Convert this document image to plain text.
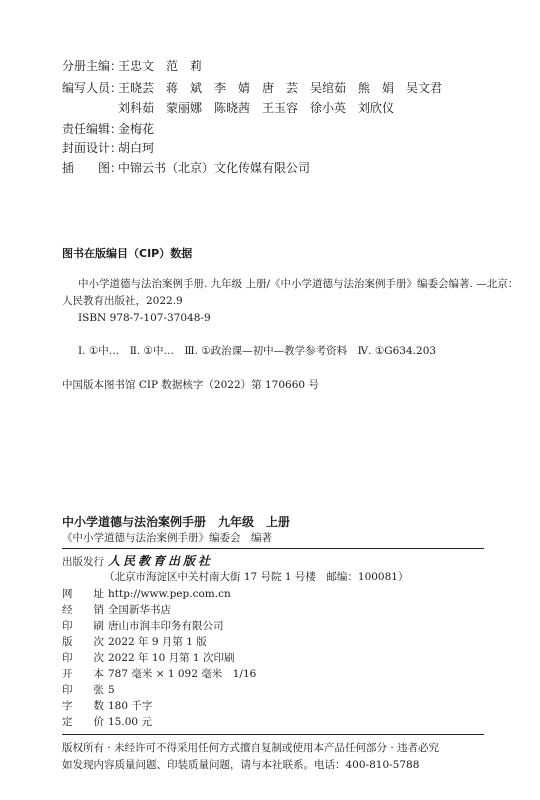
分册主编：王忠文　范　莉
编写人员：王晓芸　蒋　斌　李　婧　唐　芸　吴绾茹　熊　娟　吴文君
刘科茹　蒙丽娜　陈晓茜　王玉容　徐小英　刘欣仪
责任编辑：金梅花
封面设计：胡白珂
插　　图：中锦云书（北京）文化传媒有限公司
图书在版编目（CIP）数据
中小学道德与法治案例手册. 九年级 上册/《中小学道德与法治案例手册》编委会编著. —北京：
人民教育出版社，2022.9
ISBN 978-7-107-37048-9
Ⅰ. ①中…　Ⅱ. ①中…　Ⅲ. ①政治课—初中—教学参考资料　Ⅳ. ①G634.203
中国版本图书馆 CIP 数据核字（2022）第 170660 号
中小学道德与法治案例手册　九年级　上册
《中小学道德与法治案例手册》编委会　编著
出版发行 人民教育出版社
（北京市海淀区中关村南大街 17 号院 1 号楼　邮编：100081）
网　　址 http://www.pep.com.cn
经　　销 全国新华书店
印　　刷 唐山市润丰印务有限公司
版　　次 2022 年 9 月第 1 版
印　　次 2022 年 10 月第 1 次印刷
开　　本 787 毫米 × 1 092 毫米　1/16
印　　张 5
字　　数 180 千字
定　　价 15.00 元
版权所有 · 未经许可不得采用任何方式擅自复制或使用本产品任何部分 · 违者必究
如发现内容质量问题、印装质量问题，请与本社联系。电话：400-810-5788
